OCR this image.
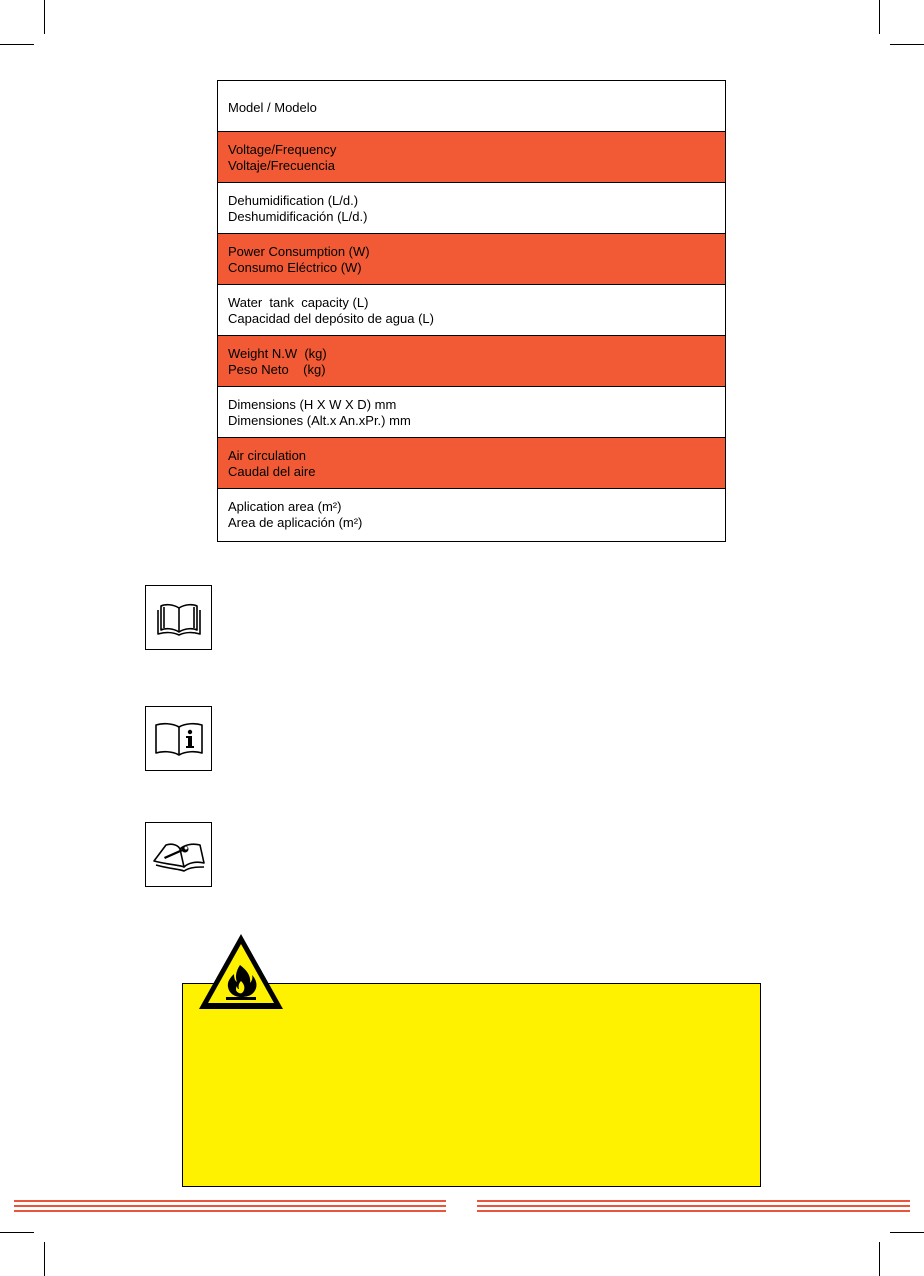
Model / Modelo
Voltage/Frequency
Voltaje/Frecuencia
Dehumidification (L/d.)
Deshumidificación (L/d.)
Power Consumption (W)
Consumo Eléctrico (W)
Water  tank  capacity (L)
Capacidad del depósito de agua (L)
Weight N.W  (kg)
Peso Neto    (kg)
Dimensions (H X W X D) mm
Dimensiones (Alt.x An.xPr.) mm
Air circulation
Caudal del aire
Aplication area (m²)
Area de aplicación (m²)
